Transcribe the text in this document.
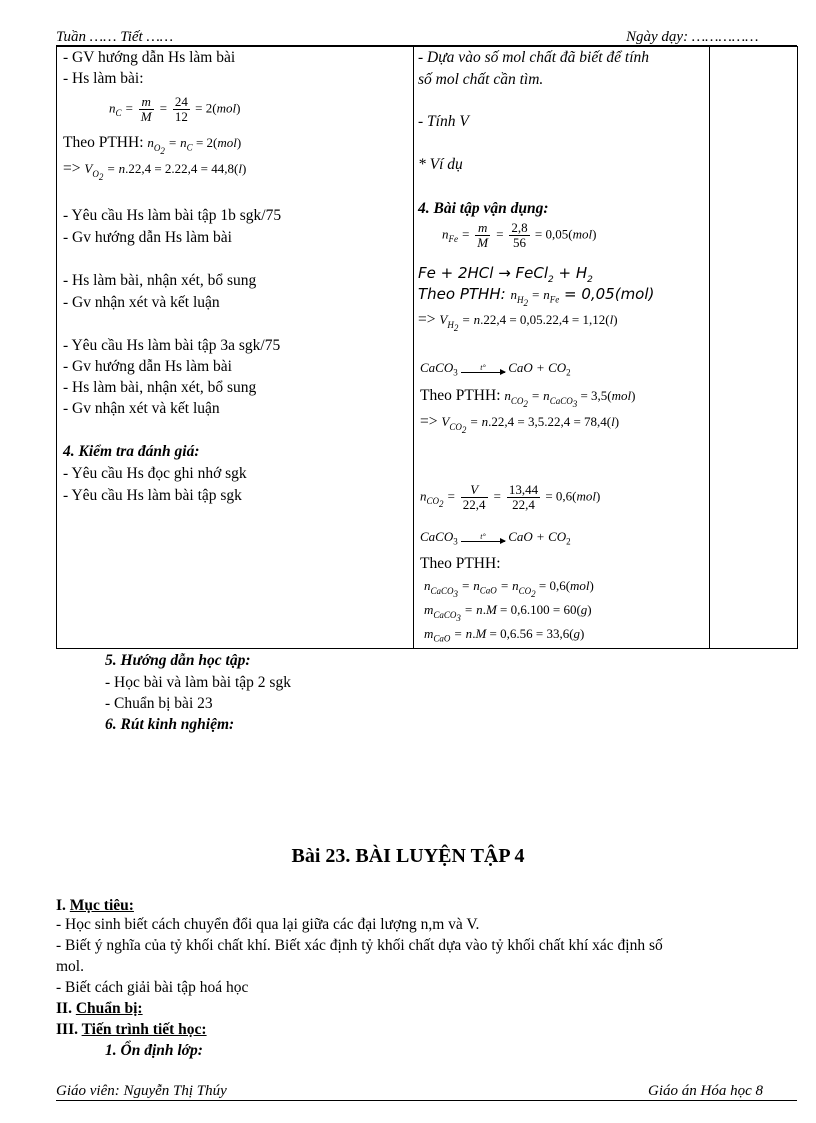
Tuần …… Tiết ……	Ngày dạy: ……………
- GV hướng dẫn Hs làm bài
- Hs làm bài:
$n_C = \frac{m}{M} = \frac{24}{12} = 2(mol)$
Theo PTHH: $n_{O_2} = n_C = 2(mol)$
=> $V_{O_2} = n.22,4 = 2.22,4 = 44,8(l)$
- Yêu cầu Hs làm bài tập 1b sgk/75
- Gv hướng dẫn Hs làm bài
- Hs làm bài, nhận xét, bổ sung
- Gv nhận xét và kết luận
- Yêu cầu Hs làm bài tập 3a sgk/75
- Gv hướng dẫn Hs làm bài
- Hs làm bài, nhận xét, bổ sung
- Gv nhận xét và kết luận
4. Kiểm tra đánh giá:
- Yêu cầu Hs đọc ghi nhớ sgk
- Yêu cầu Hs làm bài tập sgk

- Dựa vào số mol chất đã biết để tính
số mol chất cần tìm.
- Tính V
* Ví dụ
4. Bài tập vận dụng:
$n_{Fe} = \frac{m}{M} = \frac{2,8}{56} = 0,05(mol)$
Fe + 2HCl → FeCl$_2$ + $H_2$
Theo PTHH: $n_{H_2} = n_{Fe} = 0,05(mol)$
=> $V_{H_2} = n.22,4 = 0,05.22,4 = 1,12(l)$
CaCO$_3$
t°	CaO + $CO_2$
Theo PTHH: $n_{CO_2} = n_{CaCO_3} = 3,5(mol)$
=> $V_{CO_2} = n.22,4 = 3,5.22,4 = 78,4(l)$
$n_{CO_2} = \frac{V}{22,4} = \frac{13,44}{22,4} = 0,6(mol)$
CaCO$_3$
t°	CaO + $CO_2$
Theo PTHH:
$n_{CaCO_3} = n_{CaO} = n_{CO_2} = 0,6(mol)$
$m_{CaCO_3} = n.M = 0,6.100 = 60(g)$
$m_{CaO} = n.M = 0,6.56 = 33,6(g)$

5. Hướng dẫn học tập:
- Học bài và làm bài tập 2 sgk
- Chuẩn bị bài 23
6. Rút kinh nghiệm:
Bài 23. BÀI LUYỆN TẬP 4
I. Mục tiêu:
- Học sinh biết cách chuyển đổi qua lại giữa các đại lượng n,m và V.
- Biết ý nghĩa của tỷ khối chất khí. Biết xác định tỷ khối chất dựa vào tỷ khối chất khí xác định số
mol.
- Biết cách giải bài tập hoá học
II. Chuẩn bị:
III. Tiến trình tiết học:
1. Ổn định lớp:
Giáo viên: Nguyễn Thị Thúy	Giáo án Hóa học 8
